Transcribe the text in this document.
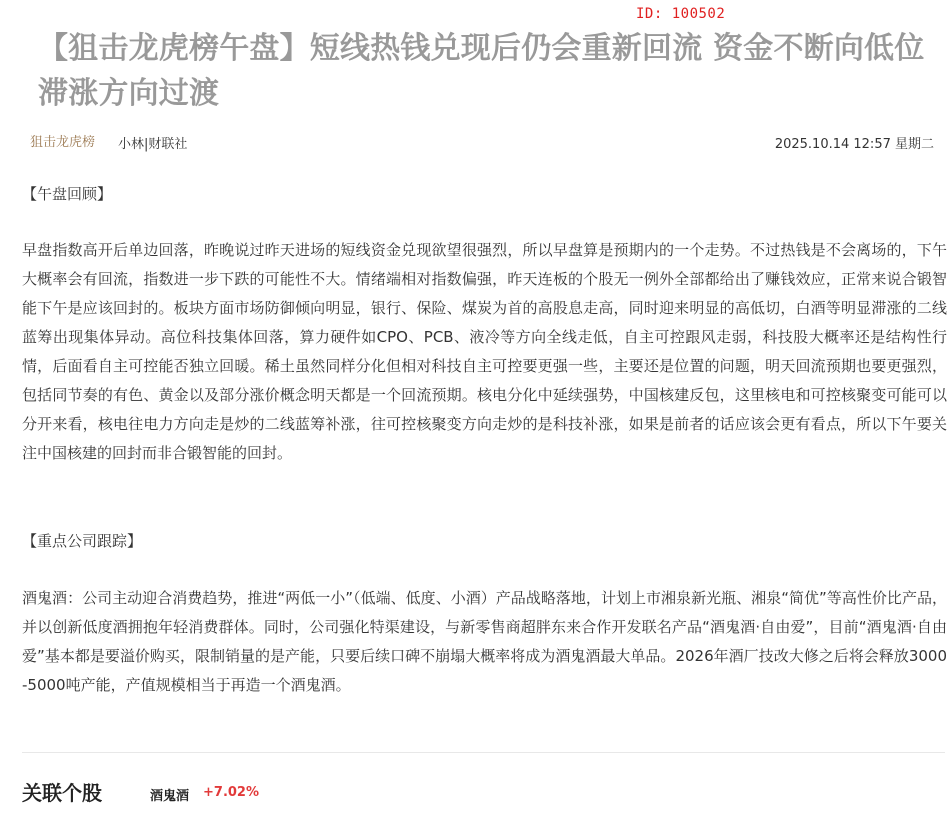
【狙击龙虎榜午盘】短线热钱兑现后仍会重新回流 资金不断向低位滞涨方向过渡
ID: 100502
狙击龙虎榜 小林|财联社	2025.10.14 12:57 星期二
【午盘回顾】

早盘指数高开后单边回落，昨晚说过昨天进场的短线资金兑现欲望很强烈，所以早盘算是预期内的一个走势。不过热钱是不会离场的，下午大概率会有回流，指数进一步下跌的可能性不大。情绪端相对指数偏强，昨天连板的个股无一例外全部都给出了赚钱效应，正常来说合锻智能下午是应该回封的。板块方面市场防御倾向明显，银行、保险、煤炭为首的高股息走高，同时迎来明显的高低切，白酒等明显滞涨的二线蓝筹出现集体异动。高位科技集体回落，算力硬件如CPO、PCB、液冷等方向全线走低，自主可控跟风走弱，科技股大概率还是结构性行情，后面看自主可控能否独立回暖。稀土虽然同样分化但相对科技自主可控要更强一些，主要还是位置的问题，明天回流预期也要更强烈，包括同节奏的有色、黄金以及部分涨价概念明天都是一个回流预期。核电分化中延续强势，中国核建反包，这里核电和可控核聚变可能可以分开来看，核电往电力方向走是炒的二线蓝筹补涨，往可控核聚变方向走炒的是科技补涨，如果是前者的话应该会更有看点，所以下午要关注中国核建的回封而非合锻智能的回封。

【重点公司跟踪】

酒鬼酒：公司主动迎合消费趋势，推进“两低一小”（低端、低度、小酒）产品战略落地，计划上市湘泉新光瓶、湘泉“简优”等高性价比产品，并以创新低度酒拥抱年轻消费群体。同时，公司强化特渠建设，与新零售商超胖东来合作开发联名产品“酒鬼酒·自由爱”，目前“酒鬼酒·自由爱”基本都是要溢价购买，限制销量的是产能，只要后续口碑不崩塌大概率将成为酒鬼酒最大单品。2026年酒厂技改大修之后将会释放3000-5000吨产能，产值规模相当于再造一个酒鬼酒。

关联个股	酒鬼酒 +7.02%
